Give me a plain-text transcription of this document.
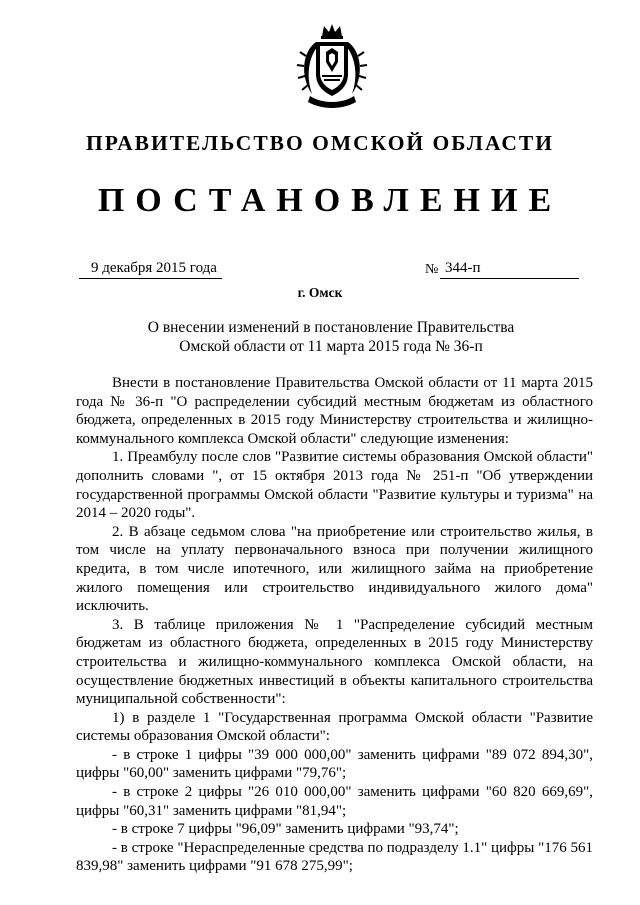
ПРАВИТЕЛЬСТВО ОМСКОЙ ОБЛАСТИ
ПОСТАНОВЛЕНИЕ
9 декабря 2015 года	№ 344-п
г. Омск
О внесении изменений в постановление Правительства
Омской области от 11 марта 2015 года № 36-п

Внести в постановление Правительства Омской области от 11 марта 2015 года № 36-п "О распределении субсидий местным бюджетам из областного бюджета, определенных в 2015 году Министерству строительства и жилищно-коммунального комплекса Омской области" следующие изменения:

1. Преамбулу после слов "Развитие системы образования Омской области" дополнить словами ", от 15 октября 2013 года № 251-п "Об утверждении государственной программы Омской области "Развитие культуры и туризма" на 2014 – 2020 годы".

2. В абзаце седьмом слова "на приобретение или строительство жилья, в том числе на уплату первоначального взноса при получении жилищного кредита, в том числе ипотечного, или жилищного займа на приобретение жилого помещения или строительство индивидуального жилого дома" исключить.

3. В таблице приложения № 1 "Распределение субсидий местным бюджетам из областного бюджета, определенных в 2015 году Министерству строительства и жилищно-коммунального комплекса Омской области, на осуществление бюджетных инвестиций в объекты капитального строительства муниципальной собственности":

1) в разделе 1 "Государственная программа Омской области "Развитие системы образования Омской области":

- в строке 1 цифры "39 000 000,00" заменить цифрами "89 072 894,30", цифры "60,00" заменить цифрами "79,76";

- в строке 2 цифры "26 010 000,00" заменить цифрами "60 820 669,69", цифры "60,31" заменить цифрами "81,94";

- в строке 7 цифры "96,09" заменить цифрами "93,74";

- в строке "Нераспределенные средства по подразделу 1.1" цифры "176 561 839,98" заменить цифрами "91 678 275,99";
